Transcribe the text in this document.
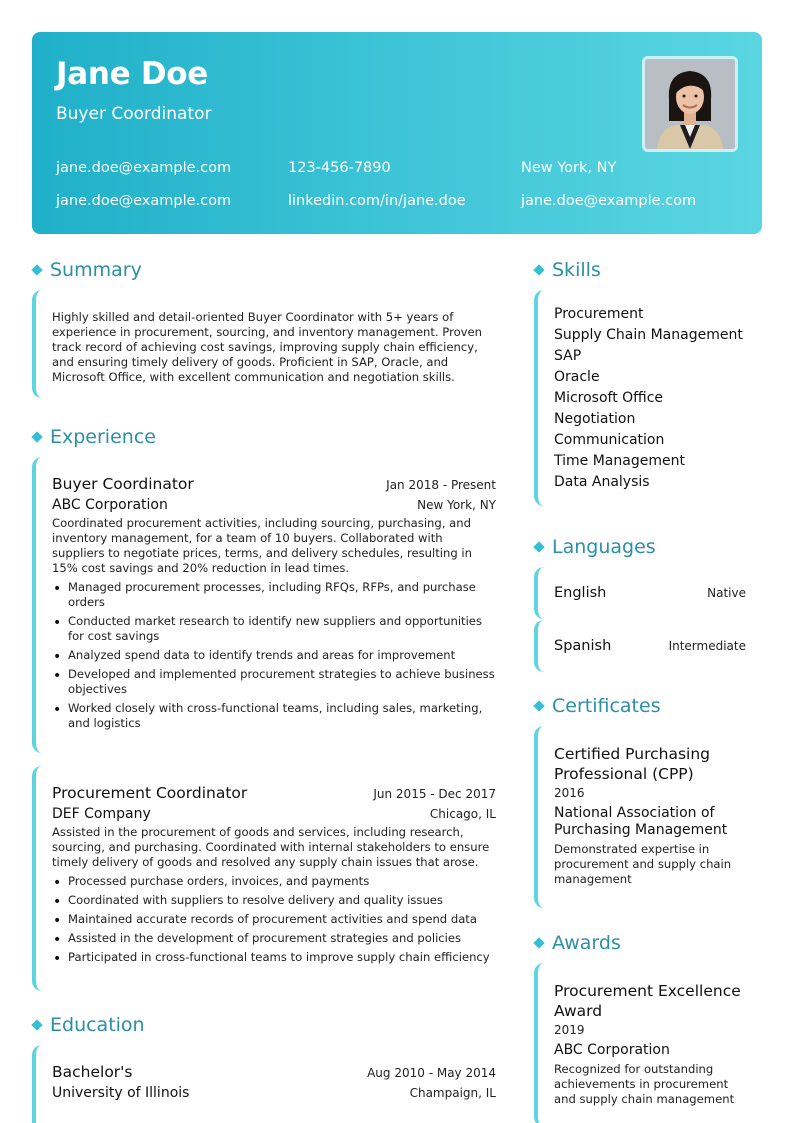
Jane Doe
Buyer Coordinator
jane.doe@example.com	123-456-7890	New York, NY
jane.doe@example.com	linkedin.com/in/jane.doe	jane.doe@example.com
Summary
Highly skilled and detail-oriented Buyer Coordinator with 5+ years of experience in procurement, sourcing, and inventory management. Proven track record of achieving cost savings, improving supply chain efficiency, and ensuring timely delivery of goods. Proficient in SAP, Oracle, and Microsoft Office, with excellent communication and negotiation skills.
Experience
Buyer Coordinator	Jan 2018 - Present
ABC Corporation	New York, NY
Coordinated procurement activities, including sourcing, purchasing, and inventory management, for a team of 10 buyers. Collaborated with suppliers to negotiate prices, terms, and delivery schedules, resulting in 15% cost savings and 20% reduction in lead times.
• Managed procurement processes, including RFQs, RFPs, and purchase orders
• Conducted market research to identify new suppliers and opportunities for cost savings
• Analyzed spend data to identify trends and areas for improvement
• Developed and implemented procurement strategies to achieve business objectives
• Worked closely with cross-functional teams, including sales, marketing, and logistics
Procurement Coordinator	Jun 2015 - Dec 2017
DEF Company	Chicago, IL
Assisted in the procurement of goods and services, including research, sourcing, and purchasing. Coordinated with internal stakeholders to ensure timely delivery of goods and resolved any supply chain issues that arose.
• Processed purchase orders, invoices, and payments
• Coordinated with suppliers to resolve delivery and quality issues
• Maintained accurate records of procurement activities and spend data
• Assisted in the development of procurement strategies and policies
• Participated in cross-functional teams to improve supply chain efficiency
Education
Bachelor's	Aug 2010 - May 2014
University of Illinois	Champaign, IL
Skills
Procurement
Supply Chain Management
SAP
Oracle
Microsoft Office
Negotiation
Communication
Time Management
Data Analysis
Languages
English	Native
Spanish	Intermediate
Certificates
Certified Purchasing Professional (CPP)
2016
National Association of Purchasing Management
Demonstrated expertise in procurement and supply chain management
Awards
Procurement Excellence Award
2019
ABC Corporation
Recognized for outstanding achievements in procurement and supply chain management
